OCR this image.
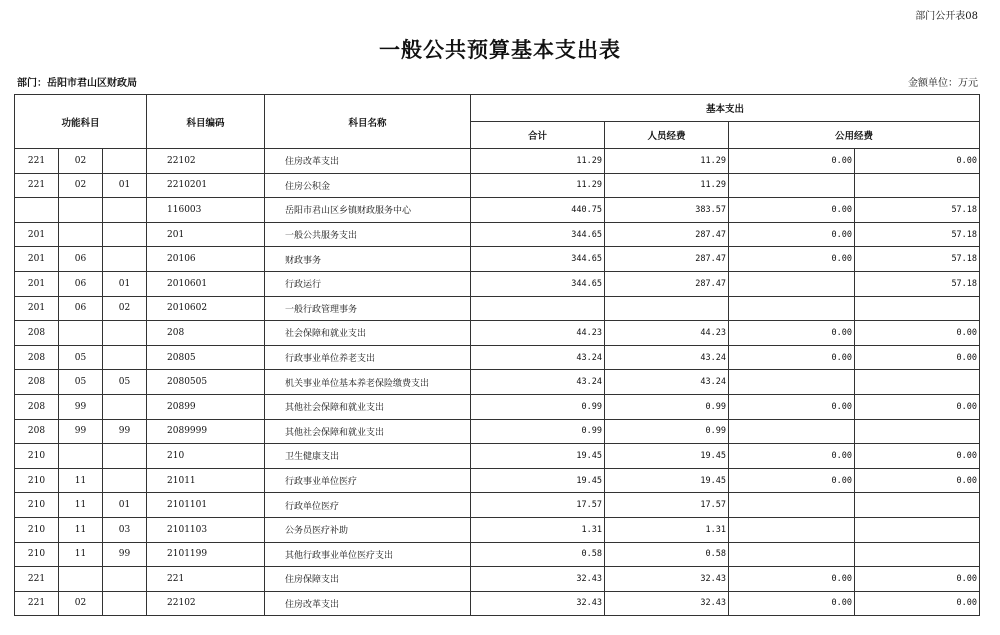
部门公开表08
一般公共预算基本支出表
部门：岳阳市君山区财政局	金额单位：万元
功能科目			科目编码	科目名称	基本支出			
					合计	人员经费	公用经费	
221	02		22102	住房改革支出	11.29	11.29	0.00	0.00
221	02	01	2210201	住房公积金	11.29	11.29		
			116003	岳阳市君山区乡镇财政服务中心	440.75	383.57	0.00	57.18
201			201	一般公共服务支出	344.65	287.47	0.00	57.18
201	06		20106	财政事务	344.65	287.47	0.00	57.18
201	06	01	2010601	行政运行	344.65	287.47		57.18
201	06	02	2010602	一般行政管理事务				
208			208	社会保障和就业支出	44.23	44.23	0.00	0.00
208	05		20805	行政事业单位养老支出	43.24	43.24	0.00	0.00
208	05	05	2080505	机关事业单位基本养老保险缴费支出	43.24	43.24		
208	99		20899	其他社会保障和就业支出	0.99	0.99	0.00	0.00
208	99	99	2089999	其他社会保障和就业支出	0.99	0.99		
210			210	卫生健康支出	19.45	19.45	0.00	0.00
210	11		21011	行政事业单位医疗	19.45	19.45	0.00	0.00
210	11	01	2101101	行政单位医疗	17.57	17.57		
210	11	03	2101103	公务员医疗补助	1.31	1.31		
210	11	99	2101199	其他行政事业单位医疗支出	0.58	0.58		
221			221	住房保障支出	32.43	32.43	0.00	0.00
221	02		22102	住房改革支出	32.43	32.43	0.00	0.00
